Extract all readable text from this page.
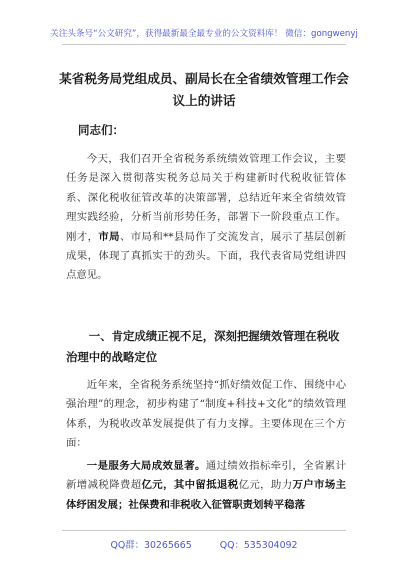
关注头条号“公文研究”，获得最新最全最专业的公文资料库！ 微信：gongwenyj
某省税务局党组成员、副局长在全省绩效管理工作会议上的讲话
同志们：
今天，我们召开全省税务系统绩效管理工作会议，主要任务是深入贯彻落实税务总局关于构建新时代税收征管体系、深化税收征管改革的决策部署，总结近年来全省绩效管理实践经验，分析当前形势任务，部署下一阶段重点工作。刚才，市局、市局和**县局作了交流发言，展示了基层创新成果，体现了真抓实干的劲头。下面，我代表省局党组讲四点意见。
一、肯定成绩正视不足，深刻把握绩效管理在税收治理中的战略定位
近年来，全省税务系统坚持“抓好绩效促工作、围绕中心强治理”的理念，初步构建了“制度+科技+文化”的绩效管理体系，为税收改革发展提供了有力支撑。主要体现在三个方面：
一是服务大局成效显著。通过绩效指标牵引，全省累计新增减税降费超亿元，其中留抵退税亿元，助力万户市场主体纾困发展；社保费和非税收入征管职责划转平稳落
QQ群：30265665	QQ：535304092
